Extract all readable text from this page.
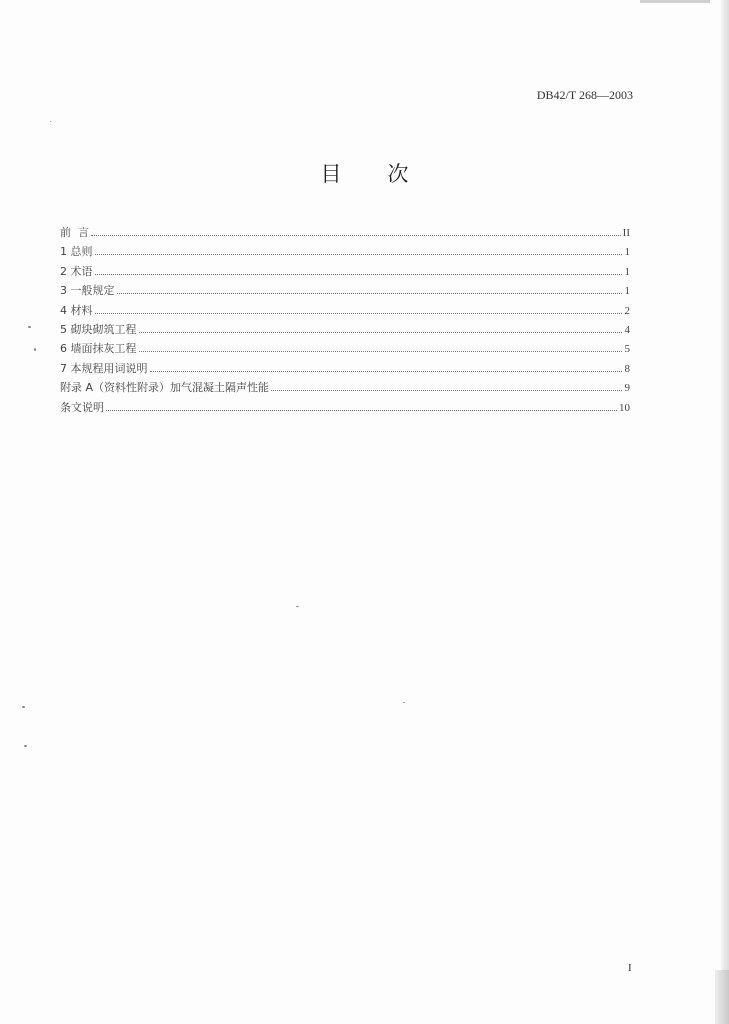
DB42/T 268—2003
目次
前  言	II
1 总则	1
2 术语	1
3 一般规定	1
4 材料	2
5 砌块砌筑工程	4
6 墙面抹灰工程	5
7 本规程用词说明	8
附录 A（资料性附录）加气混凝土隔声性能	9
条文说明	10
I
